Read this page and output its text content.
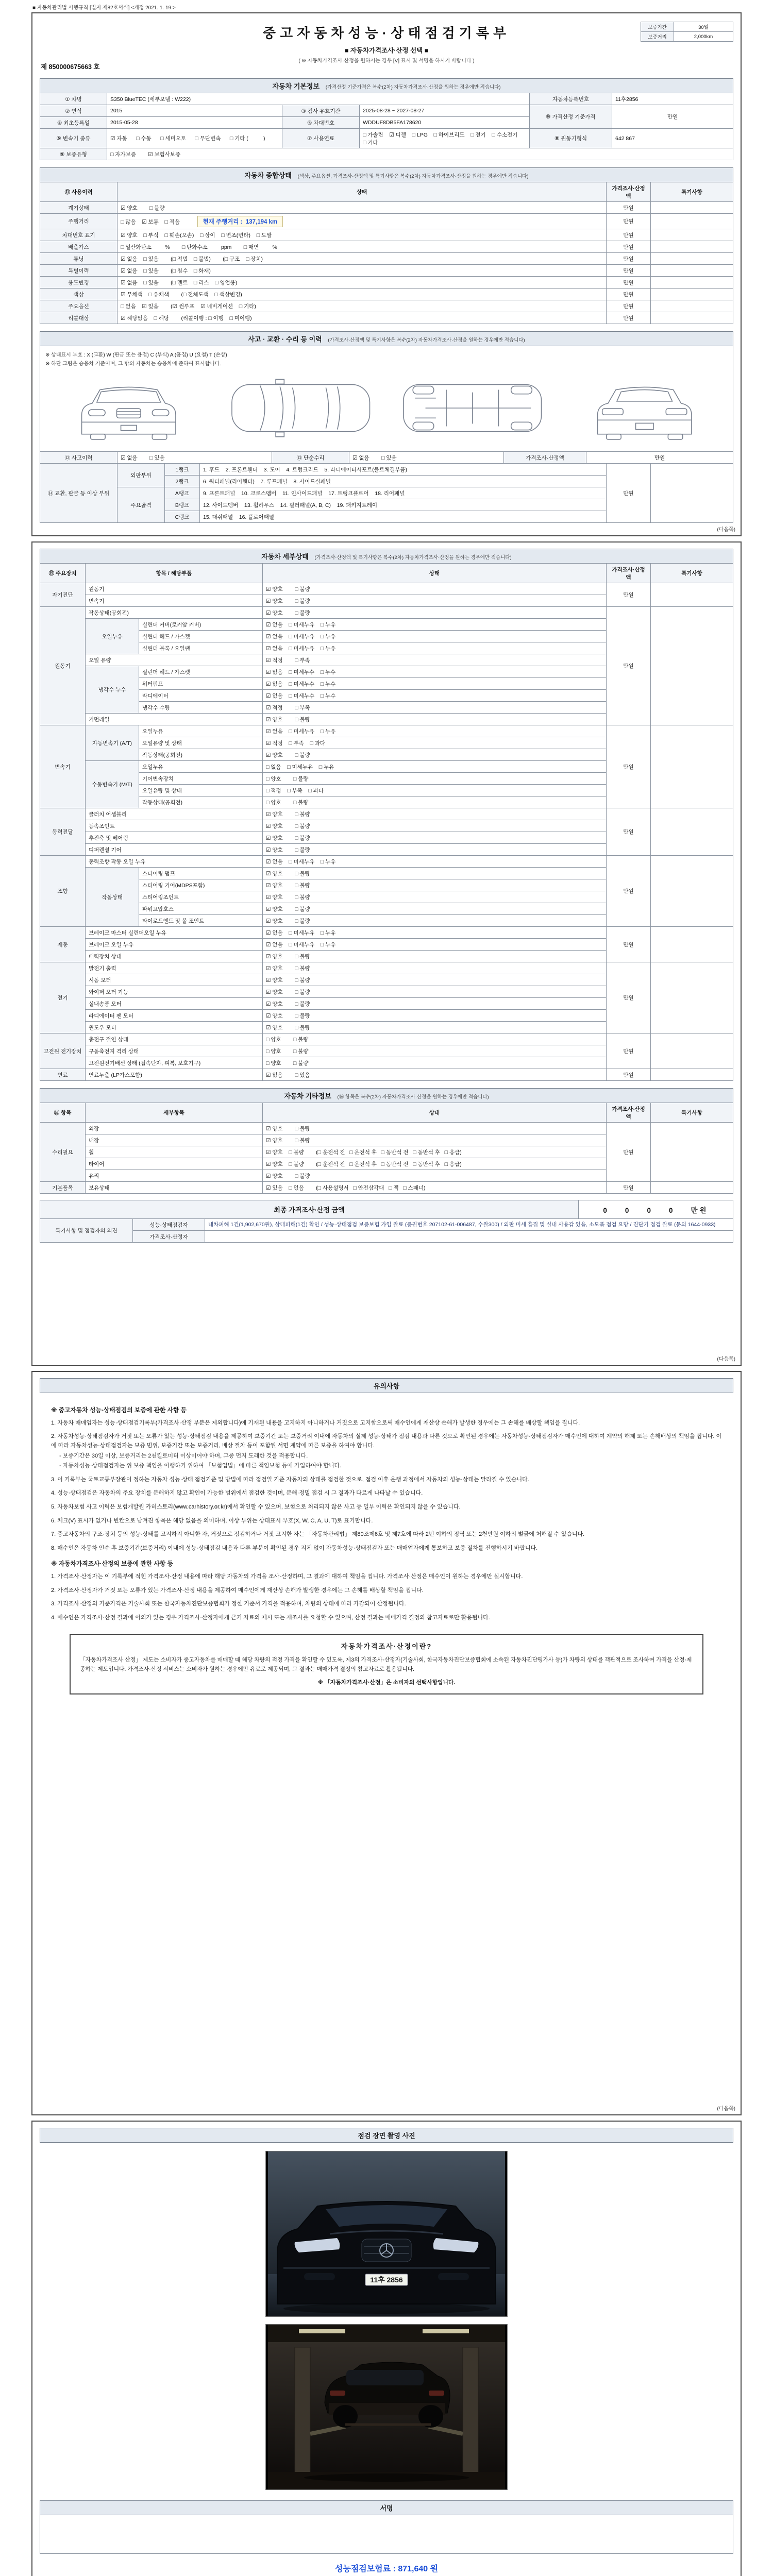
■ 자동차관리법 시행규칙 [별지 제82호서식] <개정 2021. 1. 19.>
중고자동차성능·상태점검기록부
■ 자동차가격조사·산정 선택 ■
( ※ 자동차가격조사·산정을 원하시는 경우 [V] 표시 및 서명을 하시기 바랍니다 )
제 850000675663 호
보증기간	30일
보증거리	2,000km
자동차 기본정보 (가격산정 기준가격은 복수(2차) 자동차가격조사·산정을 원하는 경우에만 적습니다)
① 차명	S350 BlueTEC (세부모델 : W222)			자동차등록번호	11후2856
② 연식	2015	③ 검사 유효기간	2025-08-28 ~ 2027-08-27	⑩ 가격산정 기준가격	만원
④ 최초등록일	2015-05-28	⑤ 차대번호	WDDUF8DB5FA178620		
⑥ 변속기 종류	☑ 자동      □ 수동      □ 세미오토      □ 무단변속      □ 기타 (          )	⑦ 사용연료	□ 가솔린    ☑ 디젤    □ LPG    □ 하이브리드    □ 전기    □ 수소전기    □ 기타	⑧ 원동기형식	642 867
⑨ 보증유형	□ 자가보증        ☑ 보험사보증				
자동차 종합상태 (색상, 주요옵션, 가격조사·산정액 및 특기사항은 복수(2차) 자동차가격조사·산정을 원하는 경우에만 적습니다)
⑪ 사용이력	상태	가격조사·산정액	특기사항
계기상태	☑ 양호        □ 불량	만원	
주행거리	□ 많음    ☑ 보통    □ 적음      현재 주행거리 :  137,194 km	만원	
차대번호 표기	☑ 양호    □ 부식    □ 훼손(오손)    □ 상이    □ 변조(변타)    □ 도말	만원	
배출가스	□ 일산화탄소         %        □ 탄화수소         ppm        □ 매연         %	만원	
튜닝	☑ 없음    □ 있음        (□ 적법    □ 불법)        (□ 구조    □ 장치)	만원	
특별이력	☑ 없음    □ 있음        (□ 침수    □ 화재)	만원	
용도변경	☑ 없음    □ 있음        (□ 렌트    □ 리스    □ 영업용)	만원	
색상	☑ 무채색    □ 유채색        (□ 전체도색    □ 색상변경)	만원	
주요옵션	□ 없음    ☑ 있음        (☑ 썬루프    ☑ 네비게이션    □ 기타)	만원	
리콜대상	☑ 해당없음    □ 해당        (리콜이행 : □ 이행    □ 미이행)	만원	
사고 · 교환 · 수리 등 이력 (가격조사·산정액 및 특기사항은 복수(2차) 자동차가격조사·산정을 원하는 경우에만 적습니다)
※ 상태표시 부호 : X (교환) W (판금 또는 용접) C (부식) A (흠집) U (요철) T (손상)
※ 하단 그림은 승용차 기준이며, 그 밖의 자동차는 승용차에 준하여 표시합니다.
⑫ 사고이력	☑ 없음        □ 있음	⑬ 단순수리	☑ 없음        □ 있음	가격조사·산정액	만원
⑭ 교환, 판금 등 이상 부위	외판부위	1랭크	1. 후드    2. 프론트휀더    3. 도어    4. 트렁크리드    5. 라디에이터서포트(볼트체결부품)	만원	
		2랭크	6. 쿼터패널(리어휀더)    7. 루프패널    8. 사이드실패널		
	주요골격	A랭크	9. 프론트패널    10. 크로스멤버    11. 인사이드패널    17. 트렁크플로어    18. 리어패널		
		B랭크	12. 사이드멤버    13. 휠하우스    14. 필러패널(A, B, C)    19. 패키지트레이		
		C랭크	15. 대쉬패널    16. 플로어패널		
(다음쪽)
자동차 세부상태 (가격조사·산정액 및 특기사항은 복수(2차) 자동차가격조사·산정을 원하는 경우에만 적습니다)
⑮ 주요장치	항목 / 해당부품		상태	가격조사·산정액	특기사항
자기진단	원동기		☑ 양호        □ 불량	만원	
	변속기		☑ 양호        □ 불량		
원동기	작동상태(공회전)		☑ 양호        □ 불량	만원	
	오일누유	실린더 커버(로커암 커버)	☑ 없음    □ 미세누유    □ 누유		
		실린더 헤드 / 가스켓	☑ 없음    □ 미세누유    □ 누유		
		실린더 블록 / 오일팬	☑ 없음    □ 미세누유    □ 누유		
	오일 유량		☑ 적정        □ 부족		
	냉각수 누수	실린더 헤드 / 가스켓	☑ 없음    □ 미세누수    □ 누수		
		워터펌프	☑ 없음    □ 미세누수    □ 누수		
		라디에이터	☑ 없음    □ 미세누수    □ 누수		
		냉각수 수량	☑ 적정        □ 부족		
	커먼레일		☑ 양호        □ 불량		
변속기	자동변속기 (A/T)	오일누유	☑ 없음    □ 미세누유    □ 누유	만원	
		오일유량 및 상태	☑ 적정    □ 부족    □ 과다		
		작동상태(공회전)	☑ 양호        □ 불량		
	수동변속기 (M/T)	오일누유	□ 없음    □ 미세누유    □ 누유		
		기어변속장치	□ 양호        □ 불량		
		오일유량 및 상태	□ 적정    □ 부족    □ 과다		
		작동상태(공회전)	□ 양호        □ 불량		
동력전달	클러치 어셈블리		☑ 양호        □ 불량	만원	
	등속조인트		☑ 양호        □ 불량		
	추진축 및 베어링		☑ 양호        □ 불량		
	디퍼렌셜 기어		☑ 양호        □ 불량		
조향	동력조향 작동 오일 누유		☑ 없음    □ 미세누유    □ 누유	만원	
	작동상태	스티어링 펌프	☑ 양호        □ 불량		
		스티어링 기어(MDPS포함)	☑ 양호        □ 불량		
		스티어링조인트	☑ 양호        □ 불량		
		파워고압호스	☑ 양호        □ 불량		
		타이로드엔드 및 볼 조인트	☑ 양호        □ 불량		
제동	브레이크 마스터 실린더오일 누유		☑ 없음    □ 미세누유    □ 누유	만원	
	브레이크 오일 누유		☑ 없음    □ 미세누유    □ 누유		
	배력장치 상태		☑ 양호        □ 불량		
전기	발전기 출력		☑ 양호        □ 불량	만원	
	시동 모터		☑ 양호        □ 불량		
	와이퍼 모터 기능		☑ 양호        □ 불량		
	실내송풍 모터		☑ 양호        □ 불량		
	라디에이터 팬 모터		☑ 양호        □ 불량		
	윈도우 모터		☑ 양호        □ 불량		
고전원 전기장치	충전구 절연 상태		□ 양호        □ 불량	만원	
	구동축전지 격리 상태		□ 양호        □ 불량		
	고전원전기배선 상태 (접속단자, 피복, 보호기구)		□ 양호        □ 불량		
연료	연료누출 (LP가스포함)		☑ 없음        □ 있음	만원	
자동차 기타정보 (⑯ 항목은 복수(2차) 자동차가격조사·산정을 원하는 경우에만 적습니다)
⑯ 항목	세부항목	상태	가격조사·산정액	특기사항
수리필요	외장	☑ 양호        □ 불량	만원	
	내장	☑ 양호        □ 불량		
	휠	☑ 양호    □ 불량        (□ 운전석 전   □ 운전석 후   □ 동반석 전   □ 동반석 후   □ 응급)		
	타이어	☑ 양호    □ 불량        (□ 운전석 전   □ 운전석 후   □ 동반석 전   □ 동반석 후   □ 응급)		
	유리	☑ 양호        □ 불량		
기본품목	보유상태	☑ 있음    □ 없음        (□ 사용설명서   □ 안전삼각대   □ 잭   □ 스패너)	만원	
최종 가격조사·산정 금액	0    0    0    0    만원
특기사항 및 점검자의 의견	성능·상태점검자	내차피해 1건(1,902,670원), 상대피해(1건) 확인 / 성능·상태점검 보증보험 가입 완료 (증권번호 207102-61-006487, 수완300) / 외판 미세 흠집 및 실내 사용감 있음, 소모품 점검 요망 / 진단기 점검 완료 (문의 1644-0933)
	가격조사·산정자	
(다음쪽)
유의사항
※ 중고자동차 성능·상태점검의 보증에 관한 사항 등
1. 자동차 매매업자는 성능·상태점검기록부(가격조사·산정 부분은 제외합니다)에 기재된 내용을 고지하지 아니하거나 거짓으로 고지함으로써 매수인에게 재산상 손해가 발생한 경우에는 그 손해를 배상할 책임을 집니다.
2. 자동차성능·상태점검자가 거짓 또는 오류가 있는 성능·상태점검 내용을 제공하여 보증기간 또는 보증거리 이내에 자동차의 실제 성능·상태가 점검 내용과 다른 것으로 확인된 경우에는 자동차성능·상태점검자가 매수인에 대하여 계약의 해제 또는 손해배상의 책임을 집니다. 이에 따라 자동차성능·상태점검자는 보증 범위, 보증기간 또는 보증거리, 배상 절차 등이 포함된 서면 계약에 따른 보증을 하여야 합니다.
- 보증기간은 30일 이상, 보증거리는 2천킬로미터 이상이어야 하며, 그중 먼저 도래한 것을 적용합니다.
- 자동차성능·상태점검자는 위 보증 책임을 이행하기 위하여 「보험업법」에 따른 책임보험 등에 가입하여야 합니다.
3. 이 기록부는 국토교통부장관이 정하는 자동차 성능·상태 점검기준 및 방법에 따라 점검일 기준 자동차의 상태를 점검한 것으로, 점검 이후 운행 과정에서 자동차의 성능·상태는 달라질 수 있습니다.
4. 성능·상태점검은 자동차의 주요 장치를 분해하지 않고 확인이 가능한 범위에서 점검한 것이며, 분해·정밀 점검 시 그 결과가 다르게 나타날 수 있습니다.
5. 자동차보험 사고 이력은 보험개발원 카히스토리(www.carhistory.or.kr)에서 확인할 수 있으며, 보험으로 처리되지 않은 사고 등 일부 이력은 확인되지 않을 수 있습니다.
6. 체크(V) 표시가 없거나 빈칸으로 남겨진 항목은 해당 없음을 의미하며, 이상 부위는 상태표시 부호(X, W, C, A, U, T)로 표기합니다.
7. 중고자동차의 구조·장치 등의 성능·상태를 고지하지 아니한 자, 거짓으로 점검하거나 거짓 고지한 자는 「자동차관리법」 제80조제6호 및 제7호에 따라 2년 이하의 징역 또는 2천만원 이하의 벌금에 처해질 수 있습니다.
8. 매수인은 자동차 인수 후 보증기간(보증거리) 이내에 성능·상태점검 내용과 다른 부분이 확인된 경우 지체 없이 자동차성능·상태점검자 또는 매매업자에게 통보하고 보증 절차를 진행하시기 바랍니다.
※ 자동차가격조사·산정의 보증에 관한 사항 등
1. 가격조사·산정자는 이 기록부에 적힌 가격조사·산정 내용에 따라 해당 자동차의 가격을 조사·산정하며, 그 결과에 대하여 책임을 집니다. 가격조사·산정은 매수인이 원하는 경우에만 실시합니다.
2. 가격조사·산정자가 거짓 또는 오류가 있는 가격조사·산정 내용을 제공하여 매수인에게 재산상 손해가 발생한 경우에는 그 손해를 배상할 책임을 집니다.
3. 가격조사·산정의 기준가격은 기술사회 또는 한국자동차진단보증협회가 정한 기준서 가격을 적용하며, 차량의 상태에 따라 가감되어 산정됩니다.
4. 매수인은 가격조사·산정 결과에 이의가 있는 경우 가격조사·산정자에게 근거 자료의 제시 또는 재조사를 요청할 수 있으며, 산정 결과는 매매가격 결정의 참고자료로만 활용됩니다.
자동차가격조사·산정이란?
「자동차가격조사·산정」 제도는 소비자가 중고자동차를 매매할 때 해당 차량의 적정 가격을 확인할 수 있도록, 제3의 가격조사·산정자(기술사회, 한국자동차진단보증협회에 소속된 자동차진단평가사 등)가 차량의 상태를 객관적으로 조사하여 가격을 산정·제공하는 제도입니다. 가격조사·산정 서비스는 소비자가 원하는 경우에만 유료로 제공되며, 그 결과는 매매가격 결정의 참고자료로 활용됩니다.
※ 「자동차가격조사·산정」은 소비자의 선택사항입니다.
(다음쪽)
점검 장면 촬영 사진
11후 2856
서명
성능점검보험료 : 871,640 원
